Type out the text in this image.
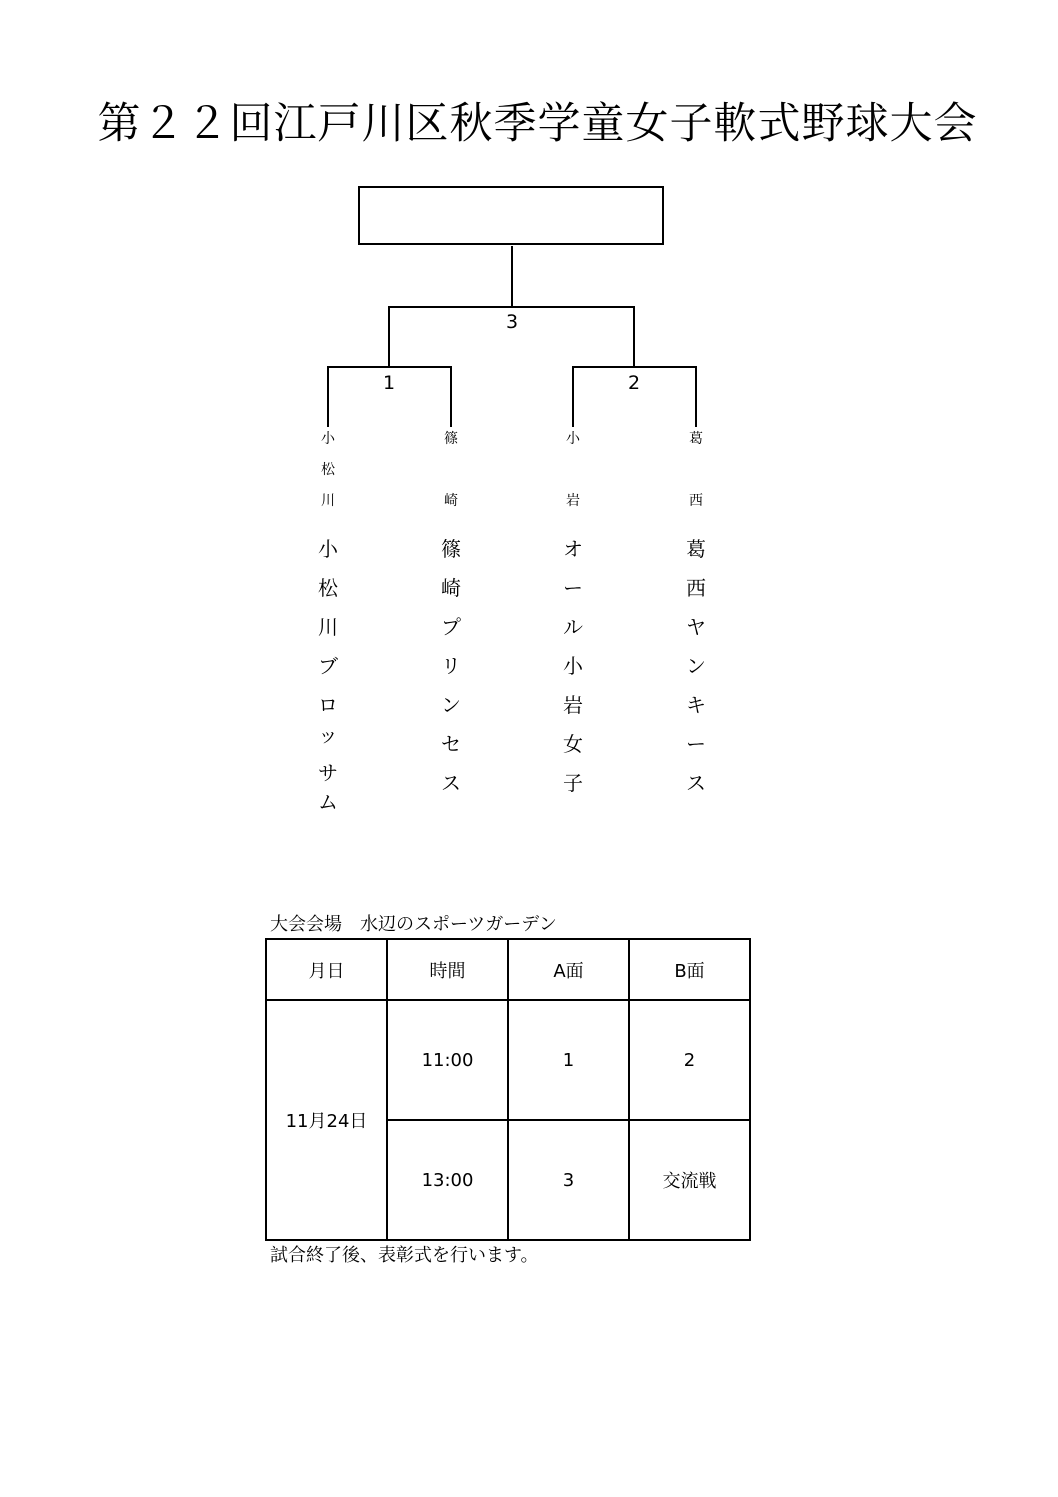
第２２回江戸川区秋季学童女子軟式野球大会
3
1	2
小
松
川
小
松
川
ブ
ロ
ッ
サ
ム
篠
崎
篠
崎
プ
リ
ン
セ
ス
小
岩
オ
ー
ル
小
岩
女
子
葛
西
葛
西
ヤ
ン
キ
ー
ス
大会会場　水辺のスポーツガーデン
月日	時間	A面	B面
11月24日	11:00	1	2
	13:00	3	交流戦
試合終了後、表彰式を行います。
